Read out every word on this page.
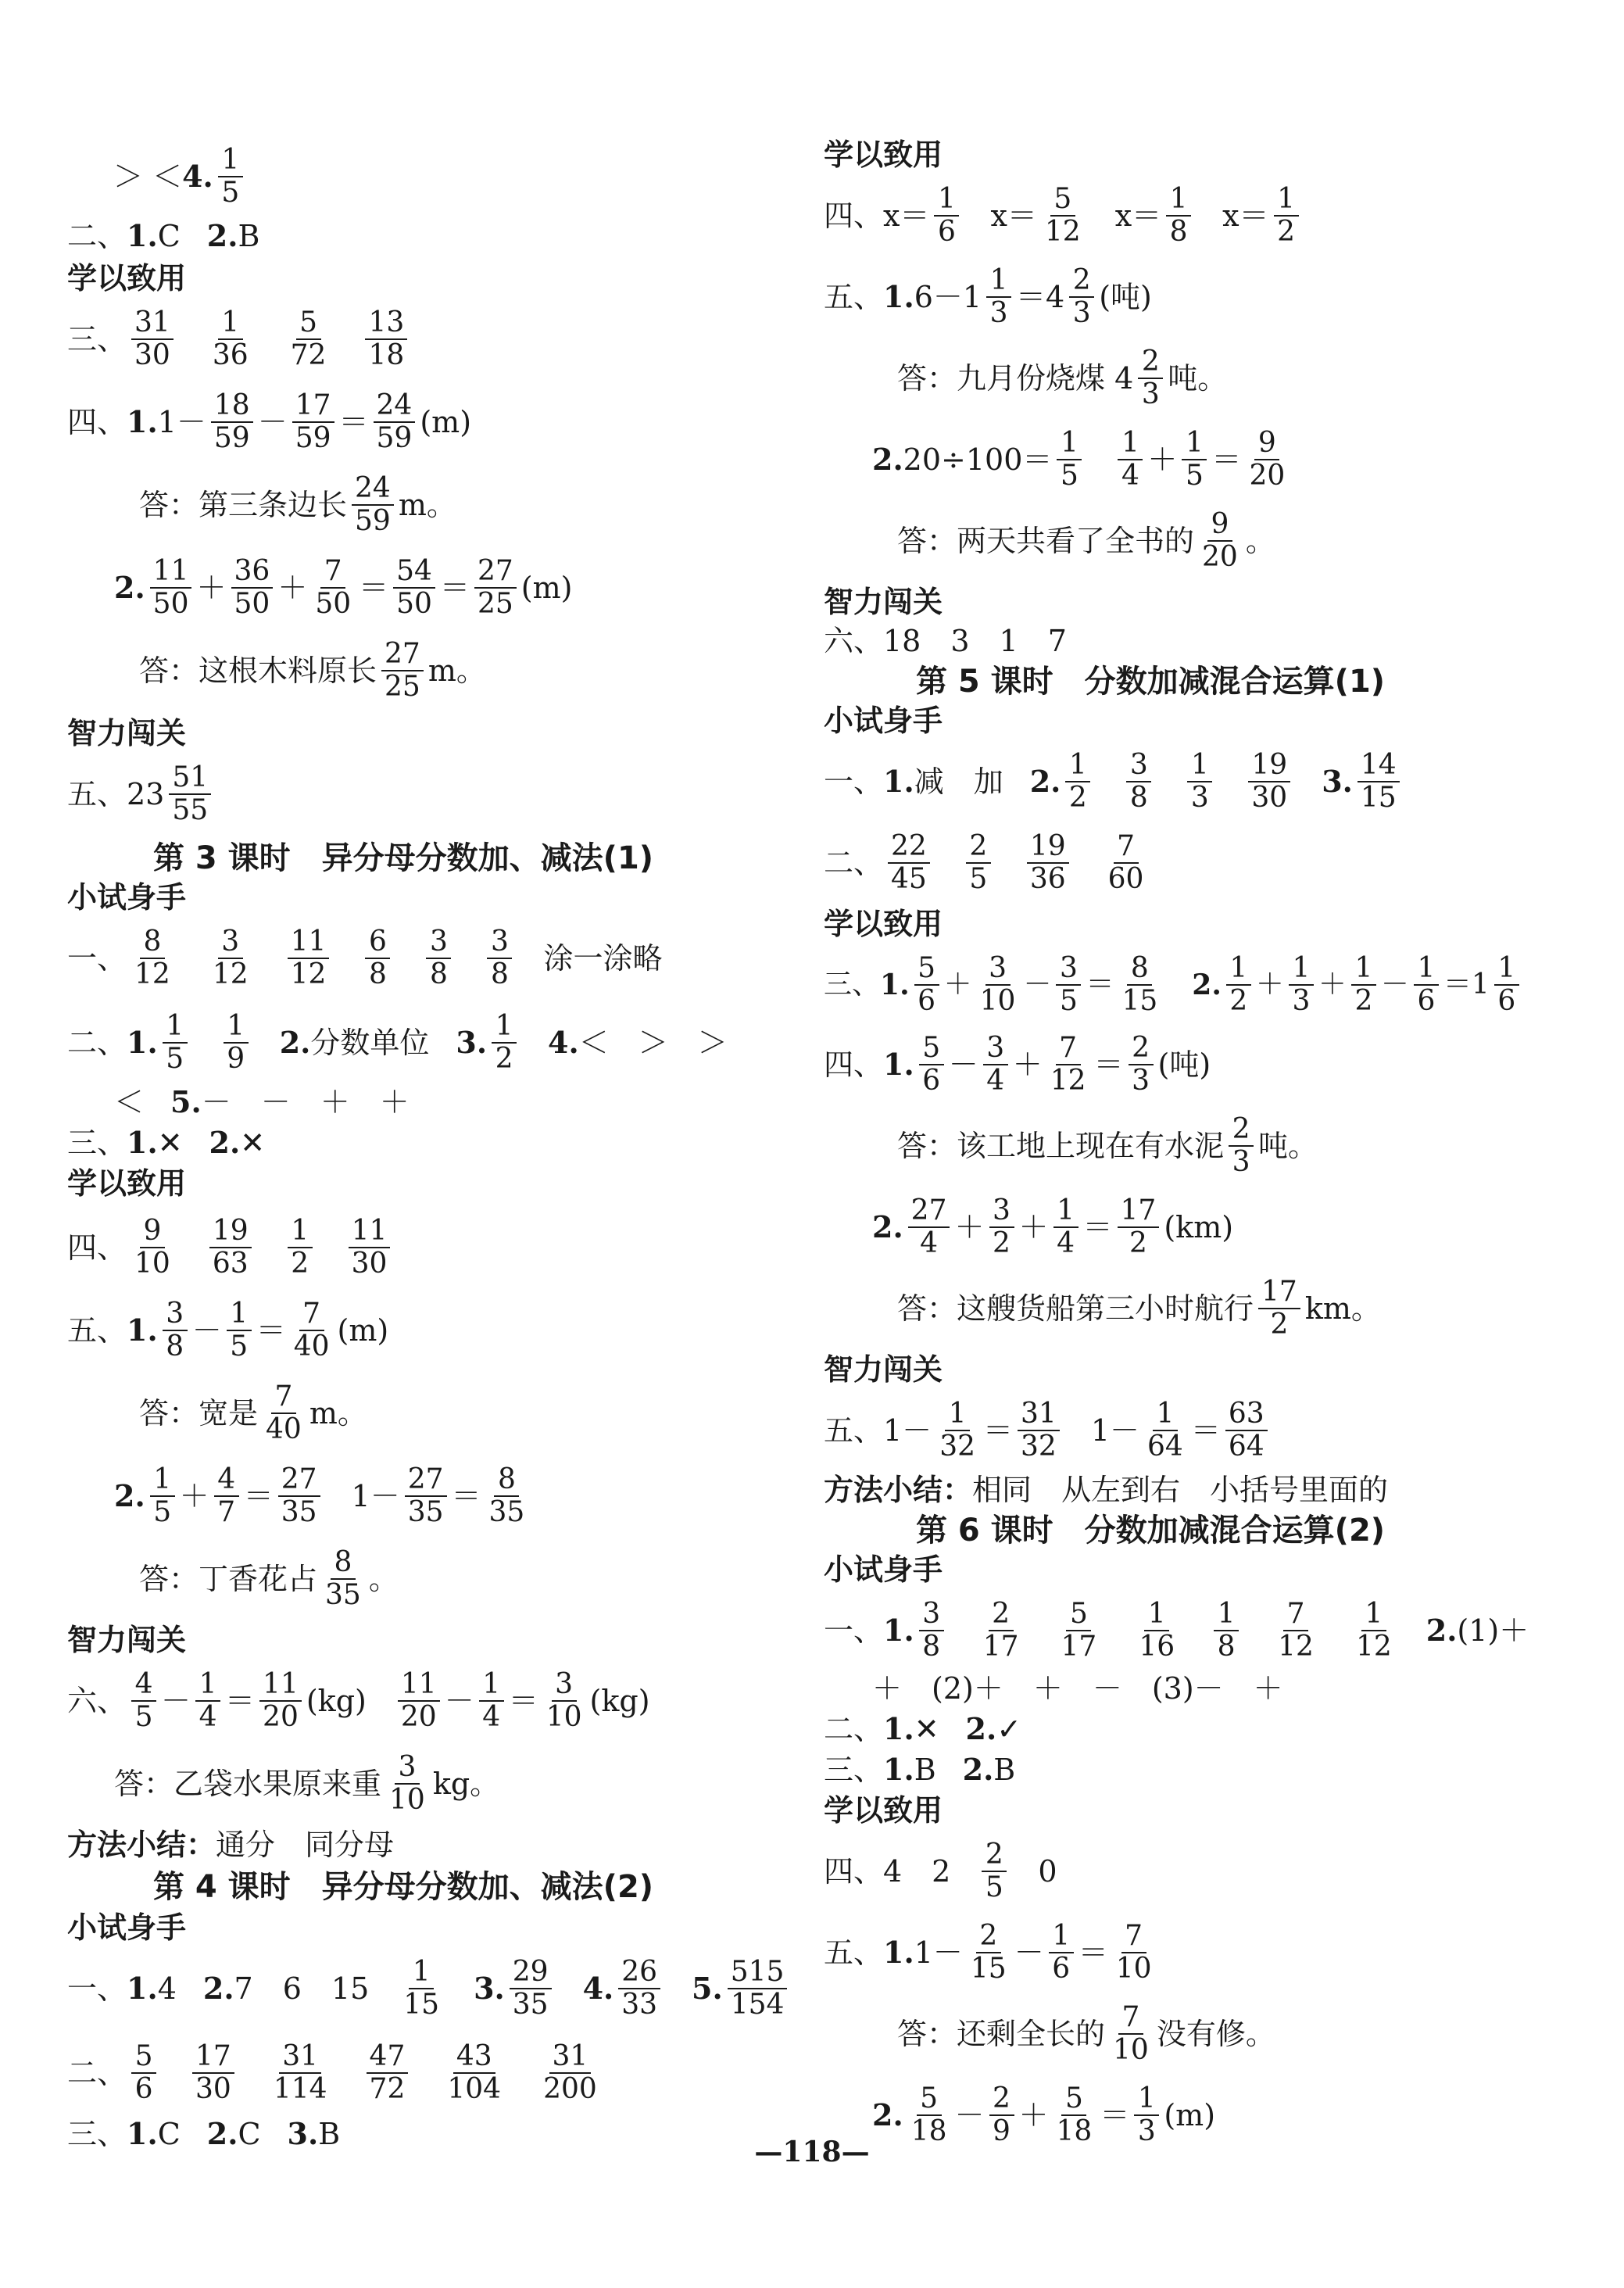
＞ ＜ 4. 1
5
二、 1. C 2. B
学以致用
三、 31
30
1
36
5
72
13
18
四、 1. 1－ 18
59 － 17
59 ＝ 24
59 (m)
答：第三条边长 24
59 m。
2. 11
50 ＋ 36
50 ＋ 7
50 ＝ 54
50 ＝ 27
25 (m)
答：这根木料原长 27
25 m。
智力闯关
五、23 51
55
第 3 课时　异分母分数加、减法(1)
小试身手
一、 8
12
3
12
11
12
6
8
3
8
3
8 涂一涂略
二、 1. 1
5
1
9 2. 分数单位 3. 1
2 4. ＜　＞　＞
＜ 5. －　－　＋　＋
三、 1. ✕ 2. ✕
学以致用
四、 9
10
19
63
1
2
11
30
五、 1. 3
8 － 1
5 ＝ 7
40 (m)
答：宽是 7
40 m。
2. 1
5 ＋ 4
7 ＝ 27
35 1－ 27
35 ＝ 8
35
答：丁香花占 8
35 。
智力闯关
六、 4
5 － 1
4 ＝ 11
20 (kg) 11
20 － 1
4 ＝ 3
10 (kg)
答：乙袋水果原来重 3
10 kg。
方法小结： 通分　同分母
第 4 课时　异分母分数加、减法(2)
小试身手
一、 1. 4 2. 7　6　15 1
15 3. 29
35 4. 26
33 5. 515
154
二、 5
6
17
30
31
114
47
72
43
104
31
200
三、 1. C 2. C 3. B
学以致用
四、x＝ 1
6 x＝ 5
12 x＝ 1
8 x＝ 1
2
五、 1. 6－1 1
3 ＝4 2
3 (吨)
答：九月份烧煤 4 2
3 吨。
2. 20÷100＝ 1
5
1
4 ＋ 1
5 ＝ 9
20
答：两天共看了全书的 9
20 。
智力闯关
六、18　3　1　7
第 5 课时　分数加减混合运算(1)
小试身手
一、 1. 减　加 2. 1
2
3
8
1
3
19
30 3. 14
15
二、 22
45
2
5
19
36
7
60
学以致用
三、 1.
5
6
＋
3
10
－
3
5
＝
8
15 2.
1
2
＋
1
3
＋
1
2
－
1
6
＝1
1
6
四、 1. 5
6 － 3
4 ＋ 7
12 ＝ 2
3 (吨)
答：该工地上现在有水泥 2
3 吨。
2. 27
4 ＋ 3
2 ＋ 1
4 ＝ 17
2 (km)
答：这艘货船第三小时航行 17
2 km。
智力闯关
五、1－ 1
32 ＝ 31
32 1－ 1
64 ＝ 63
64
方法小结： 相同　从左到右　小括号里面的
第 6 课时　分数加减混合运算(2)
小试身手
一、 1. 3
8
2
17
5
17
1
16
1
8
7
12
1
12 2. (1)＋
＋　(2)＋　＋　－　(3)－　＋
二、 1. ✕ 2. ✓
三、 1. B 2. B
学以致用
四、4　2 2
5 0
五、 1. 1－ 2
15 － 1
6 ＝ 7
10
答：还剩全长的 7
10 没有修。
2. 5
18 － 2
9 ＋ 5
18 ＝ 1
3 (m)
—118—
